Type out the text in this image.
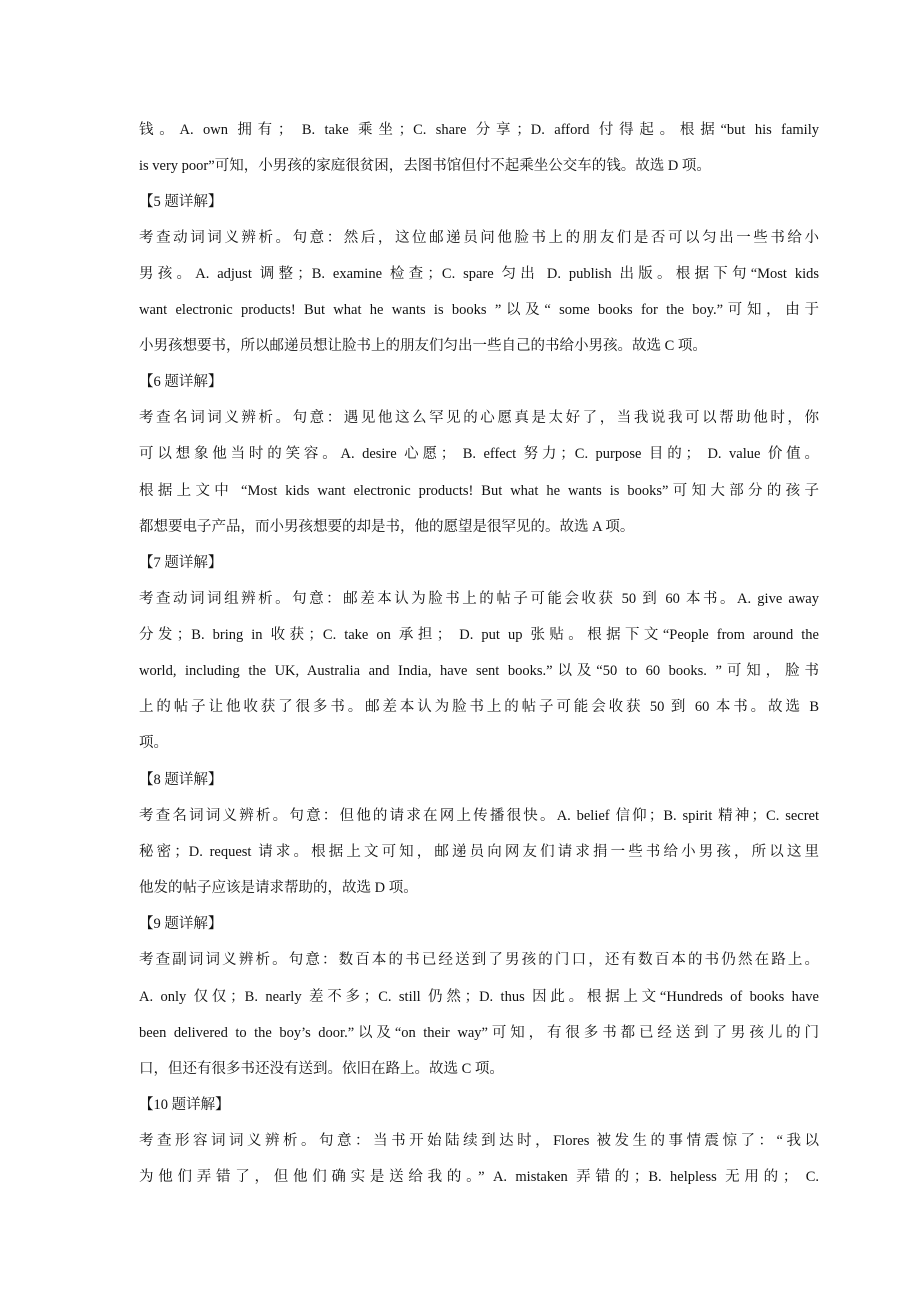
钱。A. own 拥有； B. take 乘坐；C. share 分享；D. afford 付得起。根据“but his family
is very poor”可知，小男孩的家庭很贫困，去图书馆但付不起乘坐公交车的钱。故选 D 项。
【5 题详解】
考查动词词义辨析。句意：然后，这位邮递员问他脸书上的朋友们是否可以匀出一些书给小
男孩。A. adjust 调整；B. examine 检查；C. spare 匀出 D. publish 出版。根据下句“Most kids
want electronic products! But what he wants is books ”以及“ some books for the boy.”可知，由于
小男孩想要书，所以邮递员想让脸书上的朋友们匀出一些自己的书给小男孩。故选 C 项。
【6 题详解】
考查名词词义辨析。句意：遇见他这么罕见的心愿真是太好了，当我说我可以帮助他时，你
可以想象他当时的笑容。A. desire 心愿； B. effect 努力；C. purpose 目的； D. value 价值。
根据上文中 “Most kids want electronic products! But what he wants is books”可知大部分的孩子
都想要电子产品，而小男孩想要的却是书，他的愿望是很罕见的。故选 A 项。
【7 题详解】
考查动词词组辨析。句意：邮差本认为脸书上的帖子可能会收获 50 到 60 本书。A. give away
分发；B. bring in 收获；C. take on 承担； D. put up 张贴。根据下文“People from around the
world, including the UK, Australia and India, have sent books.”以及“50 to 60 books. ”可知，脸书
上的帖子让他收获了很多书。邮差本认为脸书上的帖子可能会收获 50 到 60 本书。故选 B
项。
【8 题详解】
考查名词词义辨析。句意：但他的请求在网上传播很快。A. belief 信仰；B. spirit 精神；C. secret
秘密；D. request 请求。根据上文可知，邮递员向网友们请求捐一些书给小男孩，所以这里
他发的帖子应该是请求帮助的，故选 D 项。
【9 题详解】
考查副词词义辨析。句意：数百本的书已经送到了男孩的门口，还有数百本的书仍然在路上。
A. only 仅仅；B. nearly 差不多；C. still 仍然；D. thus 因此。根据上文“Hundreds of books have
been delivered to the boy’s door.”以及“on their way”可知，有很多书都已经送到了男孩儿的门
口，但还有很多书还没有送到。依旧在路上。故选 C 项。
【10 题详解】
考查形容词词义辨析。句意：当书开始陆续到达时，Flores 被发生的事情震惊了：“我以
为他们弄错了，但他们确实是送给我的。” A. mistaken 弄错的；B. helpless 无用的； C.
